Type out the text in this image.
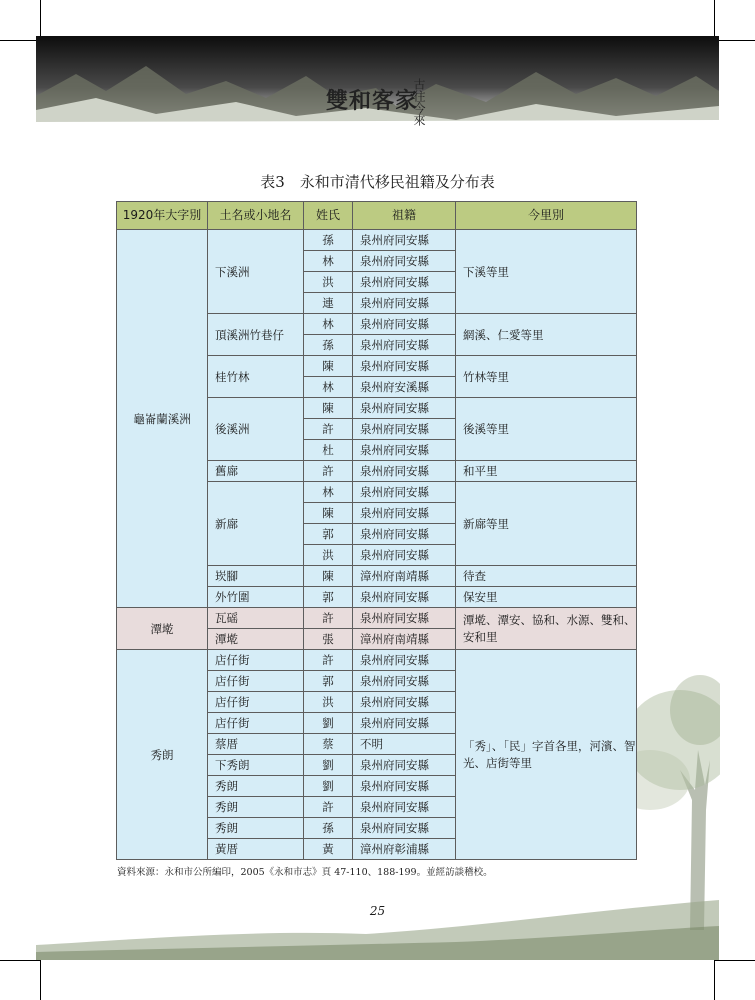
雙和客家
古往今來
表3　永和市清代移民祖籍及分布表
1920年大字別	土名或小地名	姓氏	祖籍	今里別
龜崙蘭溪洲	下溪洲	孫	泉州府同安縣	下溪等里
		林	泉州府同安縣	
		洪	泉州府同安縣	
		連	泉州府同安縣	
	頂溪洲竹巷仔	林	泉州府同安縣	網溪、仁愛等里
		孫	泉州府同安縣	
	桂竹林	陳	泉州府同安縣	竹林等里
		林	泉州府安溪縣	
	後溪洲	陳	泉州府同安縣	後溪等里
		許	泉州府同安縣	
		杜	泉州府同安縣	
	舊廍	許	泉州府同安縣	和平里
	新廍	林	泉州府同安縣	新廍等里
		陳	泉州府同安縣	
		郭	泉州府同安縣	
		洪	泉州府同安縣	
	崁腳	陳	漳州府南靖縣	待查
	外竹圍	郭	泉州府同安縣	保安里
潭墘	瓦磘	許	泉州府同安縣	潭墘、潭安、協和、水源、雙和、安和里
	潭墘	張	漳州府南靖縣	
秀朗	店仔街	許	泉州府同安縣	「秀」、「民」字首各里，河濱、智光、店街等里
	店仔街	郭	泉州府同安縣	
	店仔街	洪	泉州府同安縣	
	店仔街	劉	泉州府同安縣	
	蔡厝	蔡	不明	
	下秀朗	劉	泉州府同安縣	
	秀朗	劉	泉州府同安縣	
	秀朗	許	泉州府同安縣	
	秀朗	孫	泉州府同安縣	
	黃厝	黃	漳州府彰浦縣	
資料來源：永和市公所編印，2005《永和市志》頁 47-110、188-199。並經訪談稽校。
25
